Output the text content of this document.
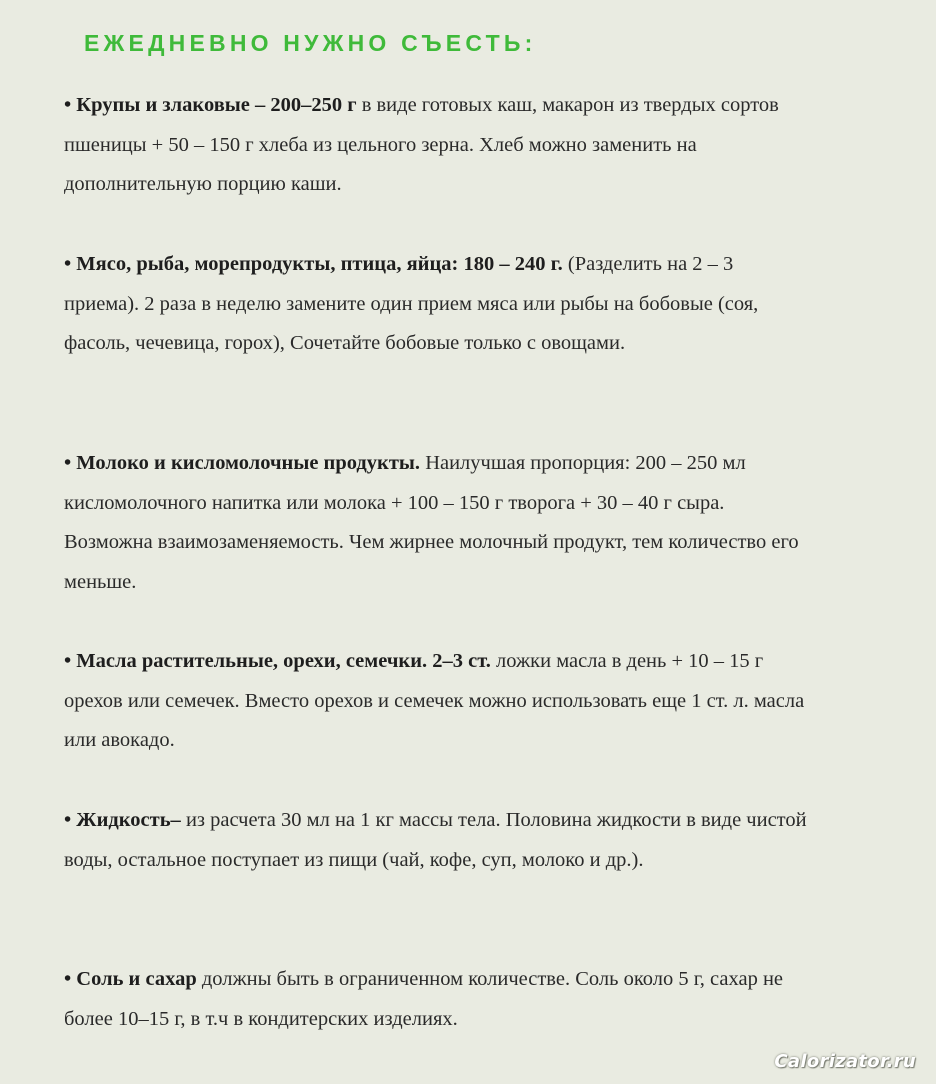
ЕЖЕДНЕВНО НУЖНО СЪЕСТЬ:

• Крупы и злаковые – 200–250 г в виде готовых каш, макарон из твердых сортов пшеницы + 50 – 150 г хлеба из цельного зерна. Хлеб можно заменить на дополнительную порцию каши.

• Мясо, рыба, морепродукты, птица, яйца: 180 – 240 г. (Разделить на 2 – 3 приема). 2 раза в неделю замените один прием мяса или рыбы на бобовые (соя, фасоль, чечевица, горох), Сочетайте бобовые только с овощами.

• Молоко и кисломолочные продукты. Наилучшая пропорция: 200 – 250 мл кисломолочного напитка или молока + 100 – 150 г творога + 30 – 40 г сыра. Возможна взаимозаменяемость. Чем жирнее молочный продукт, тем количество его меньше.

• Масла растительные, орехи, семечки. 2–3 ст. ложки масла в день + 10 – 15 г орехов или семечек. Вместо орехов и семечек можно использовать еще 1 ст. л. масла или авокадо.

• Жидкость– из расчета 30 мл на 1 кг массы тела. Половина жидкости в виде чистой воды, остальное поступает из пищи (чай, кофе, суп, молоко и др.).

• Соль и сахар должны быть в ограниченном количестве. Соль около 5 г, сахар не более 10–15 г, в т.ч в кондитерских изделиях.

Calorizator.ru
